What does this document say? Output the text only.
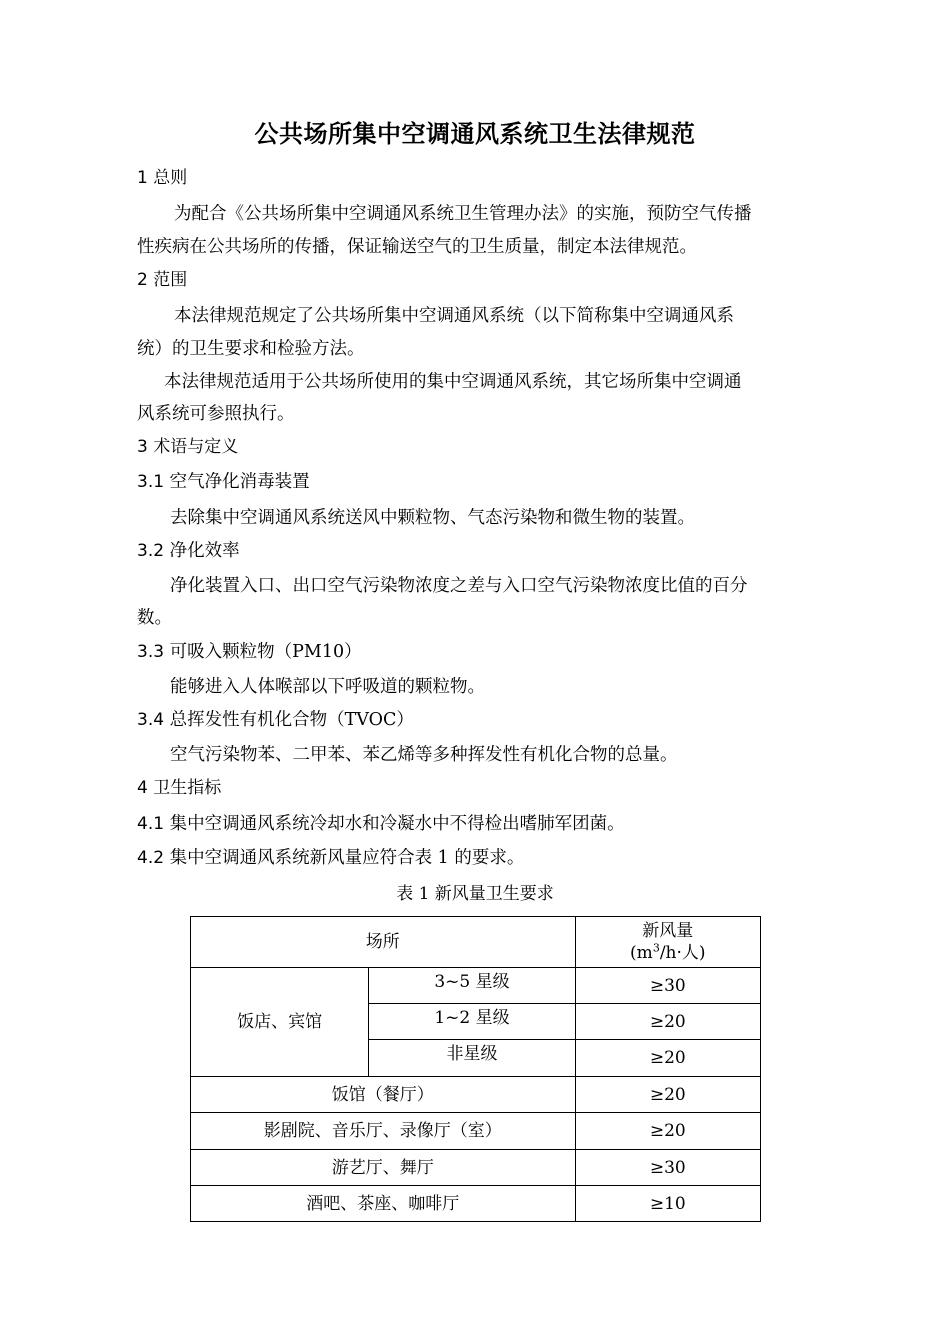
公共场所集中空调通风系统卫生法律规范
1 总则
为配合《公共场所集中空调通风系统卫生管理办法》的实施，预防空气传播
性疾病在公共场所的传播，保证输送空气的卫生质量，制定本法律规范。
2 范围
本法律规范规定了公共场所集中空调通风系统（以下简称集中空调通风系
统）的卫生要求和检验方法。
本法律规范适用于公共场所使用的集中空调通风系统，其它场所集中空调通
风系统可参照执行。
3 术语与定义
3.1 空气净化消毒装置
去除集中空调通风系统送风中颗粒物、气态污染物和微生物的装置。
3.2 净化效率
净化装置入口、出口空气污染物浓度之差与入口空气污染物浓度比值的百分
数。
3.3 可吸入颗粒物（PM10）
能够进入人体喉部以下呼吸道的颗粒物。
3.4 总挥发性有机化合物（TVOC）
空气污染物苯、二甲苯、苯乙烯等多种挥发性有机化合物的总量。
4 卫生指标
4.1 集中空调通风系统冷却水和冷凝水中不得检出嗜肺军团菌。
4.2 集中空调通风系统新风量应符合表 1 的要求。
表 1 新风量卫生要求
场所		新风量
($m^3/h\cdot$人)

饭店、宾馆	3~5 星级	≥30
	1~2 星级	≥20
	非星级	≥20
饭馆（餐厅）		≥20
影剧院、音乐厅、录像厅（室）		≥20
游艺厅、舞厅		≥30
酒吧、茶座、咖啡厅		≥10
